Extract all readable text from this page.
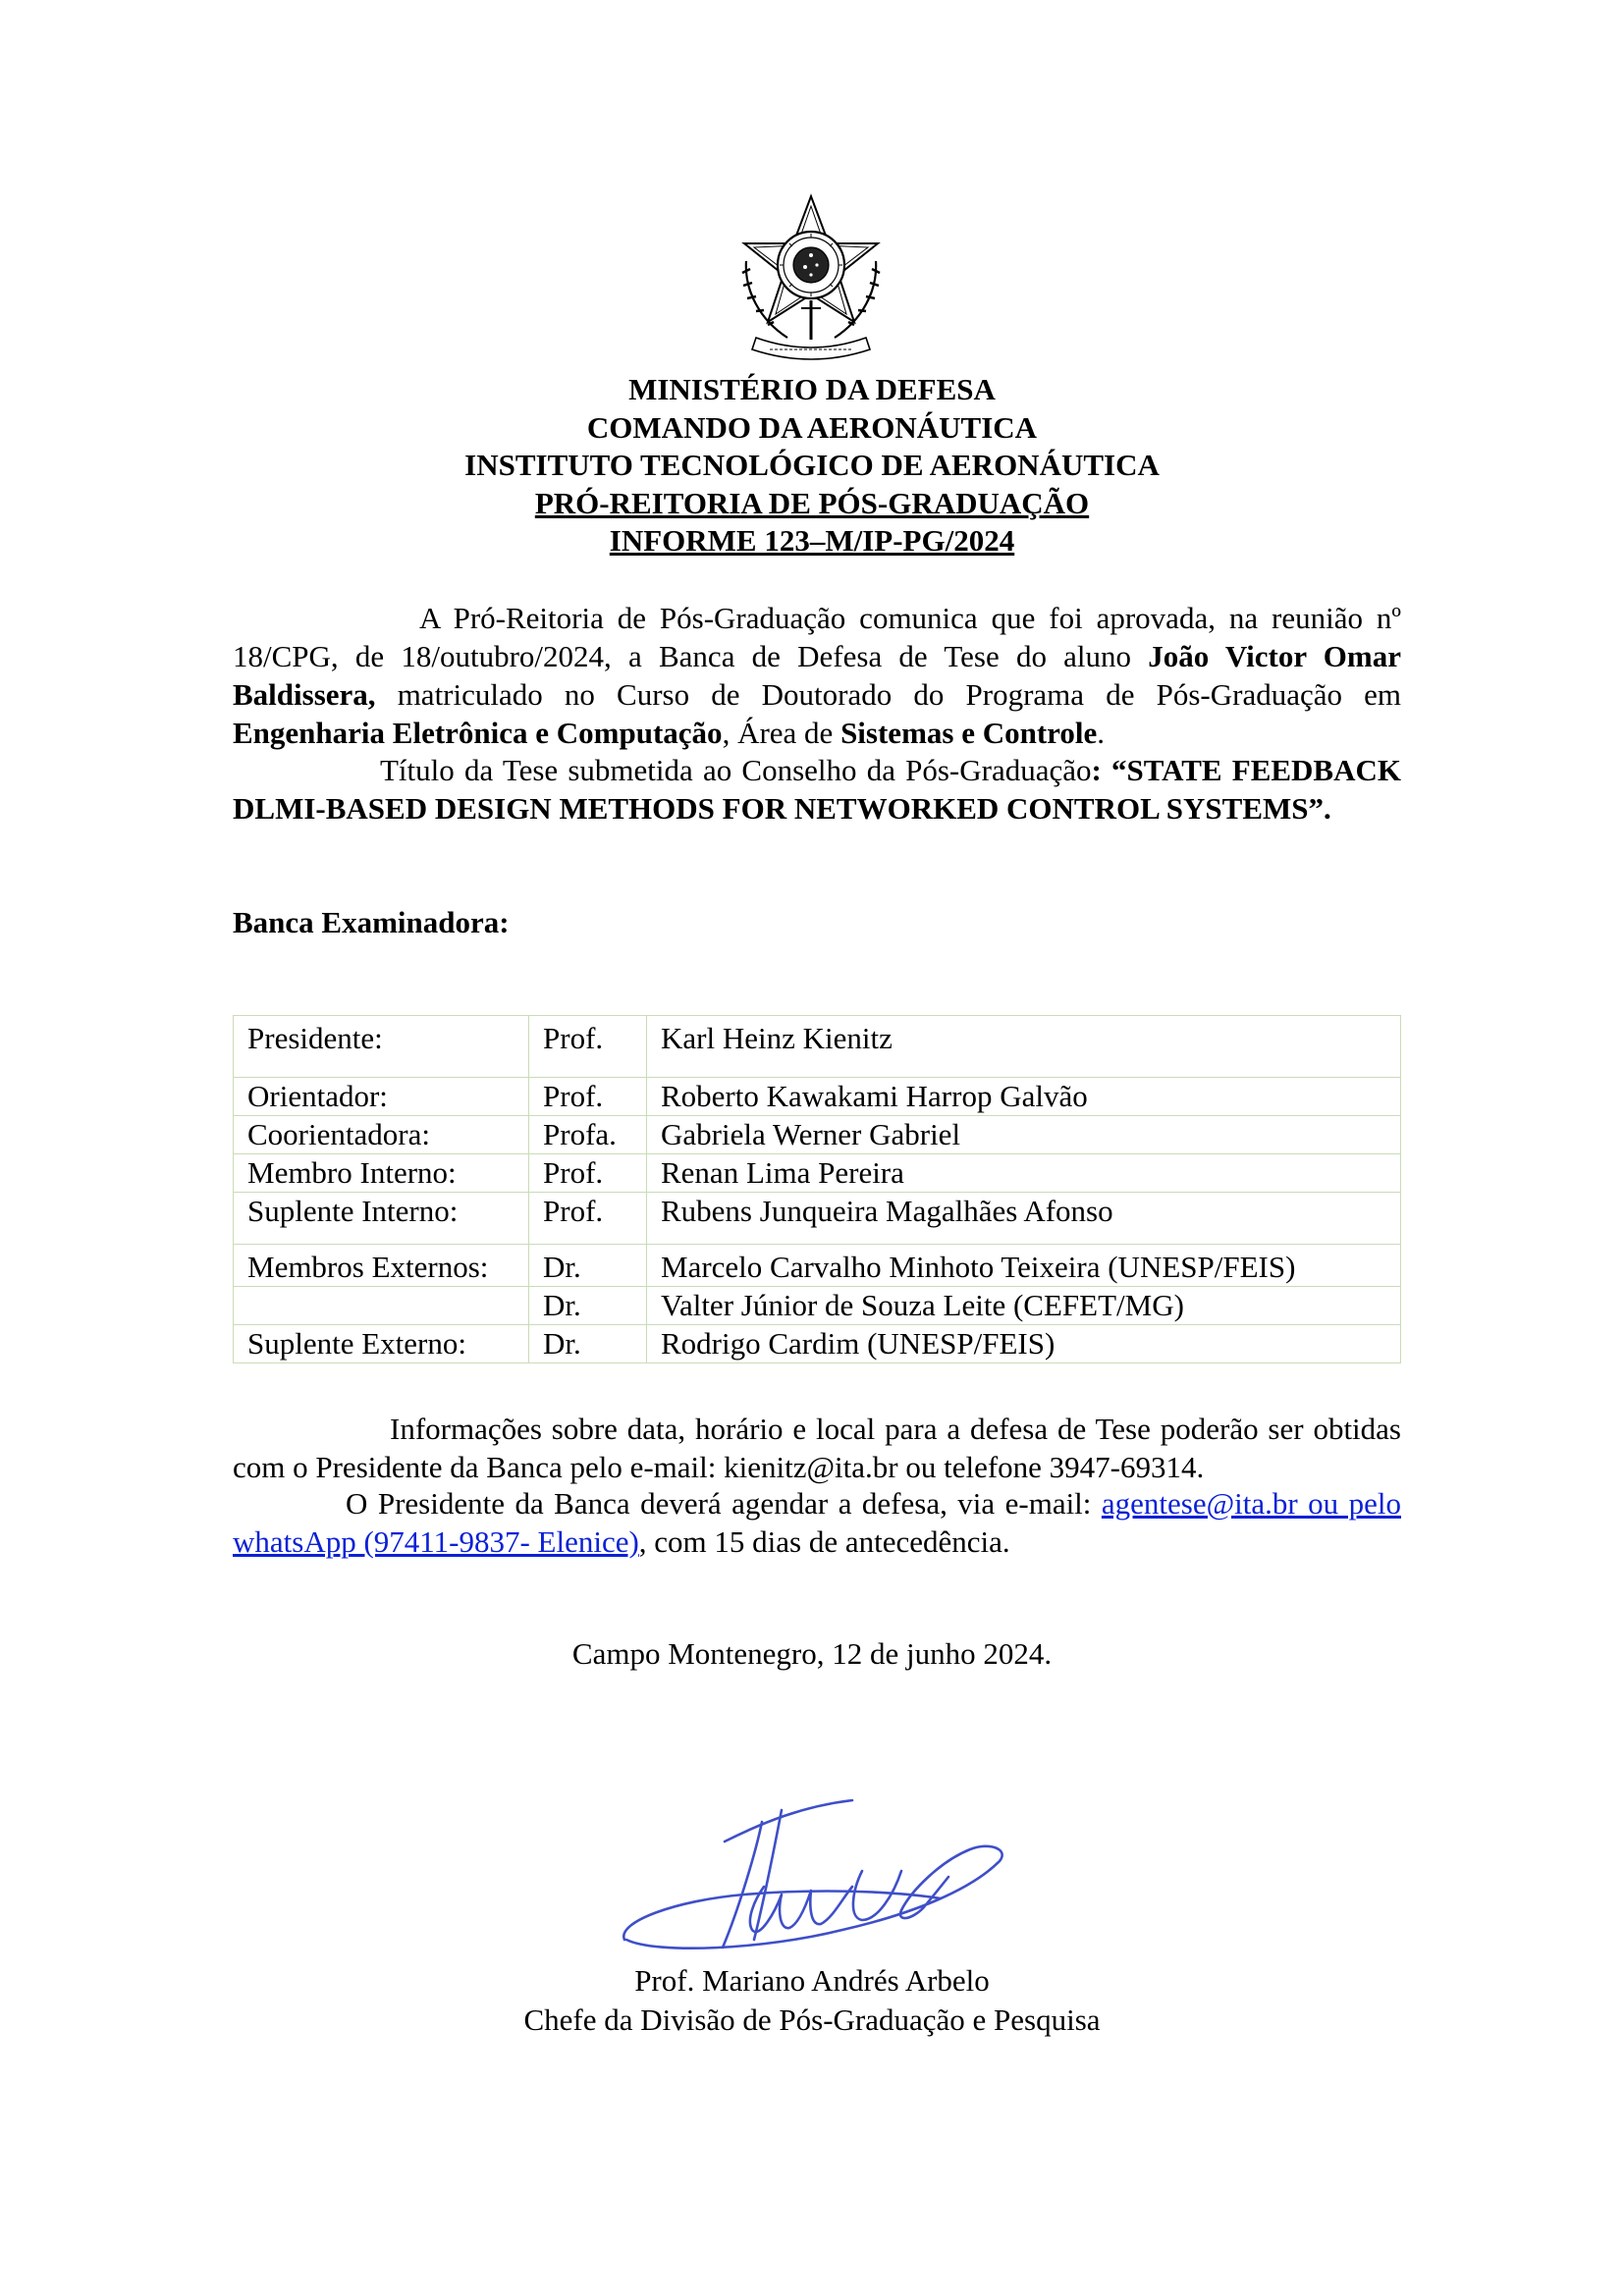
MINISTÉRIO DA DEFESA
COMANDO DA AERONÁUTICA
INSTITUTO TECNOLÓGICO DE AERONÁUTICA
PRÓ-REITORIA DE PÓS-GRADUAÇÃO
INFORME 123–M/IP-PG/2024
A Pró-Reitoria de Pós-Graduação comunica que foi aprovada, na reunião nº 18/CPG, de 18/outubro/2024, a Banca de Defesa de Tese do aluno João Victor Omar Baldissera, matriculado no Curso de Doutorado do Programa de Pós-Graduação em Engenharia Eletrônica e Computação, Área de Sistemas e Controle.
Título da Tese submetida ao Conselho da Pós-Graduação: “STATE FEEDBACK DLMI-BASED DESIGN METHODS FOR NETWORKED CONTROL SYSTEMS”.
Banca Examinadora:
Presidente:	Prof.	Karl Heinz Kienitz
Orientador:	Prof.	Roberto Kawakami Harrop Galvão
Coorientadora:	Profa.	Gabriela Werner Gabriel
Membro Interno:	Prof.	Renan Lima Pereira
Suplente Interno:	Prof.	Rubens Junqueira Magalhães Afonso
Membros Externos:	Dr.	Marcelo Carvalho Minhoto Teixeira (UNESP/FEIS)
	Dr.	Valter Júnior de Souza Leite (CEFET/MG)
Suplente Externo:	Dr.	Rodrigo Cardim (UNESP/FEIS)
Informações sobre data, horário e local para a defesa de Tese poderão ser obtidas com o Presidente da Banca pelo e-mail: kienitz@ita.br ou telefone 3947-69314.
O Presidente da Banca deverá agendar a defesa, via e-mail: agentese@ita.br ou pelo whatsApp (97411-9837- Elenice), com 15 dias de antecedência.
Campo Montenegro, 12 de junho 2024.
Prof. Mariano Andrés Arbelo
Chefe da Divisão de Pós-Graduação e Pesquisa
